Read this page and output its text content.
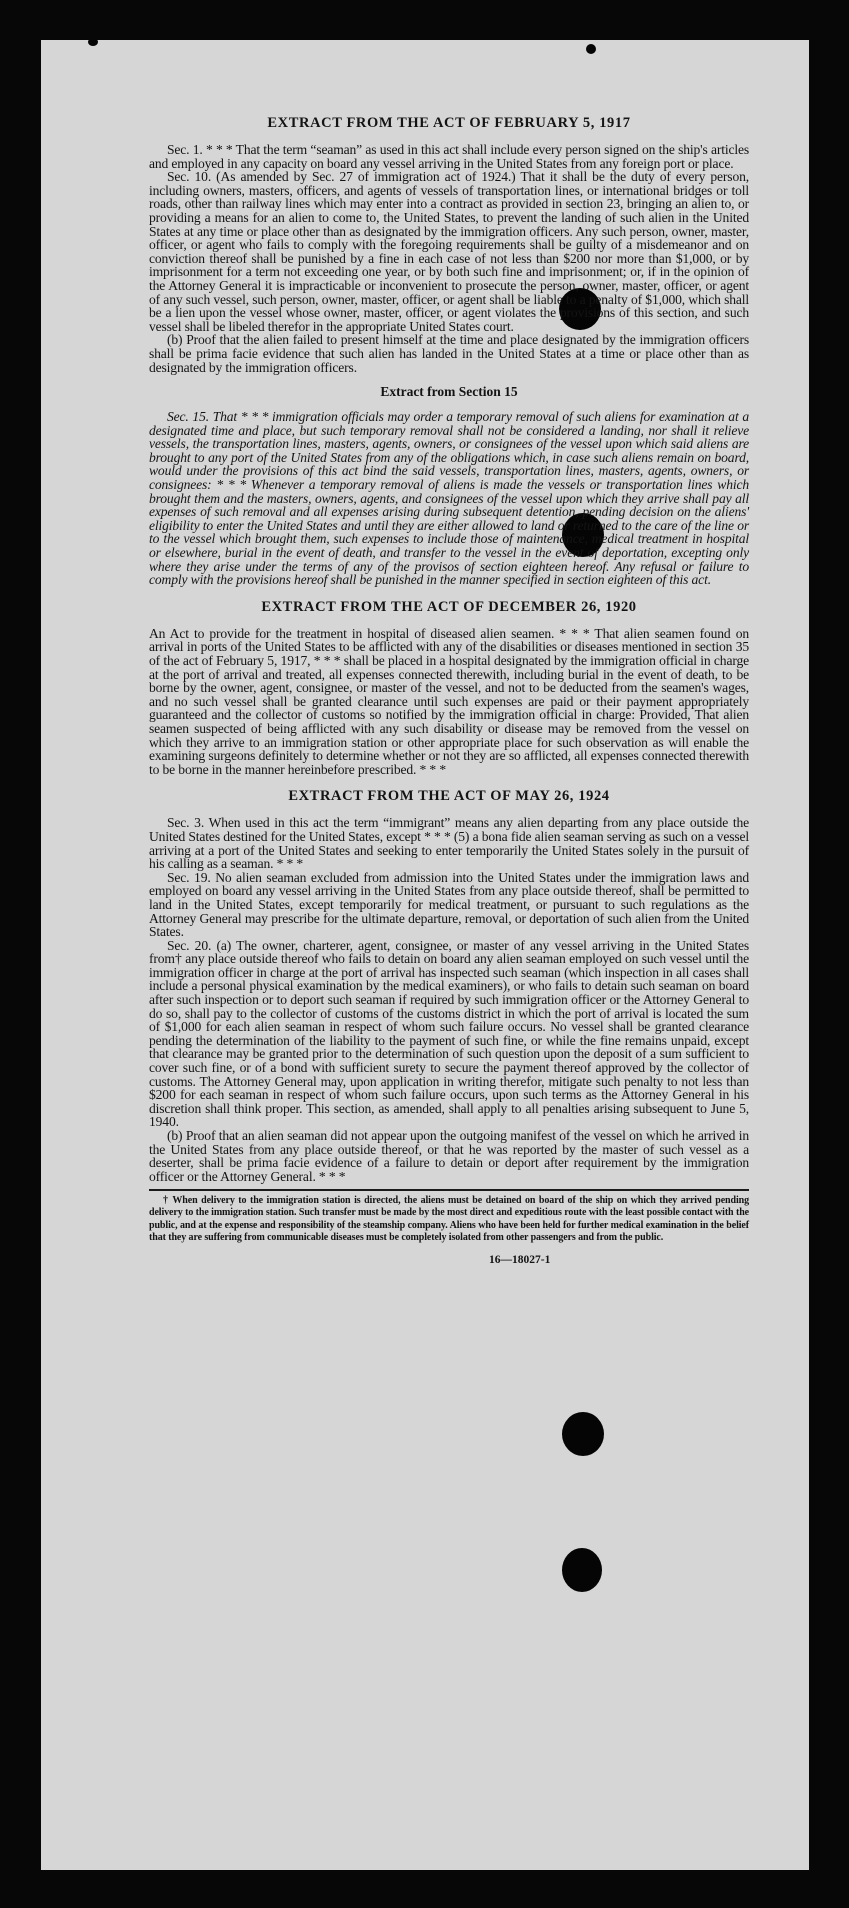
EXTRACT FROM THE ACT OF FEBRUARY 5, 1917

Sec. 1. * * * That the term “seaman” as used in this act shall include every person signed on the ship's articles and employed in any capacity on board any vessel arriving in the United States from any foreign port or place.

Sec. 10. (As amended by Sec. 27 of immigration act of 1924.) That it shall be the duty of every person, including owners, masters, officers, and agents of vessels of transportation lines, or international bridges or toll roads, other than railway lines which may enter into a contract as provided in section 23, bringing an alien to, or providing a means for an alien to come to, the United States, to prevent the landing of such alien in the United States at any time or place other than as designated by the immigration officers. Any such person, owner, master, officer, or agent who fails to comply with the foregoing requirements shall be guilty of a misdemeanor and on conviction thereof shall be punished by a fine in each case of not less than $200 nor more than $1,000, or by imprisonment for a term not exceeding one year, or by both such fine and imprisonment; or, if in the opinion of the Attorney General it is impracticable or inconvenient to prosecute the person, owner, master, officer, or agent of any such vessel, such person, owner, master, officer, or agent shall be liable to a penalty of $1,000, which shall be a lien upon the vessel whose owner, master, officer, or agent violates the provisions of this section, and such vessel shall be libeled therefor in the appropriate United States court.

(b) Proof that the alien failed to present himself at the time and place designated by the immigration officers shall be prima facie evidence that such alien has landed in the United States at a time or place other than as designated by the immigration officers.

Extract from Section 15

Sec. 15. That * * * immigration officials may order a temporary removal of such aliens for examination at a designated time and place, but such temporary removal shall not be considered a landing, nor shall it relieve vessels, the transportation lines, masters, agents, owners, or consignees of the vessel upon which said aliens are brought to any port of the United States from any of the obligations which, in case such aliens remain on board, would under the provisions of this act bind the said vessels, transportation lines, masters, agents, owners, or consignees: * * * Whenever a temporary removal of aliens is made the vessels or transportation lines which brought them and the masters, owners, agents, and consignees of the vessel upon which they arrive shall pay all expenses of such removal and all expenses arising during subsequent detention, pending decision on the aliens' eligibility to enter the United States and until they are either allowed to land or returned to the care of the line or to the vessel which brought them, such expenses to include those of maintenance, medical treatment in hospital or elsewhere, burial in the event of death, and transfer to the vessel in the event of deportation, excepting only where they arise under the terms of any of the provisos of section eighteen hereof. Any refusal or failure to comply with the provisions hereof shall be punished in the manner specified in section eighteen of this act.

EXTRACT FROM THE ACT OF DECEMBER 26, 1920

An Act to provide for the treatment in hospital of diseased alien seamen. * * * That alien seamen found on arrival in ports of the United States to be afflicted with any of the disabilities or diseases mentioned in section 35 of the act of February 5, 1917, * * * shall be placed in a hospital designated by the immigration official in charge at the port of arrival and treated, all expenses connected therewith, including burial in the event of death, to be borne by the owner, agent, consignee, or master of the vessel, and not to be deducted from the seamen's wages, and no such vessel shall be granted clearance until such expenses are paid or their payment appropriately guaranteed and the collector of customs so notified by the immigration official in charge: Provided, That alien seamen suspected of being afflicted with any such disability or disease may be removed from the vessel on which they arrive to an immigration station or other appropriate place for such observation as will enable the examining surgeons definitely to determine whether or not they are so afflicted, all expenses connected therewith to be borne in the manner hereinbefore prescribed. * * *

EXTRACT FROM THE ACT OF MAY 26, 1924

Sec. 3. When used in this act the term “immigrant” means any alien departing from any place outside the United States destined for the United States, except * * * (5) a bona fide alien seaman serving as such on a vessel arriving at a port of the United States and seeking to enter temporarily the United States solely in the pursuit of his calling as a seaman. * * *

Sec. 19. No alien seaman excluded from admission into the United States under the immigration laws and employed on board any vessel arriving in the United States from any place outside thereof, shall be permitted to land in the United States, except temporarily for medical treatment, or pursuant to such regulations as the Attorney General may prescribe for the ultimate departure, removal, or deportation of such alien from the United States.

Sec. 20. (a) The owner, charterer, agent, consignee, or master of any vessel arriving in the United States from† any place outside thereof who fails to detain on board any alien seaman employed on such vessel until the immigration officer in charge at the port of arrival has inspected such seaman (which inspection in all cases shall include a personal physical examination by the medical examiners), or who fails to detain such seaman on board after such inspection or to deport such seaman if required by such immigration officer or the Attorney General to do so, shall pay to the collector of customs of the customs district in which the port of arrival is located the sum of $1,000 for each alien seaman in respect of whom such failure occurs. No vessel shall be granted clearance pending the determination of the liability to the payment of such fine, or while the fine remains unpaid, except that clearance may be granted prior to the determination of such question upon the deposit of a sum sufficient to cover such fine, or of a bond with sufficient surety to secure the payment thereof approved by the collector of customs. The Attorney General may, upon application in writing therefor, mitigate such penalty to not less than $200 for each seaman in respect of whom such failure occurs, upon such terms as the Attorney General in his discretion shall think proper. This section, as amended, shall apply to all penalties arising subsequent to June 5, 1940.

(b) Proof that an alien seaman did not appear upon the outgoing manifest of the vessel on which he arrived in the United States from any place outside thereof, or that he was reported by the master of such vessel as a deserter, shall be prima facie evidence of a failure to detain or deport after requirement by the immigration officer or the Attorney General. * * *

† When delivery to the immigration station is directed, the aliens must be detained on board of the ship on which they arrived pending delivery to the immigration station. Such transfer must be made by the most direct and expeditious route with the least possible contact with the public, and at the expense and responsibility of the steamship company. Aliens who have been held for further medical examination in the belief that they are suffering from communicable diseases must be completely isolated from other passengers and from the public.

16—18027-1
